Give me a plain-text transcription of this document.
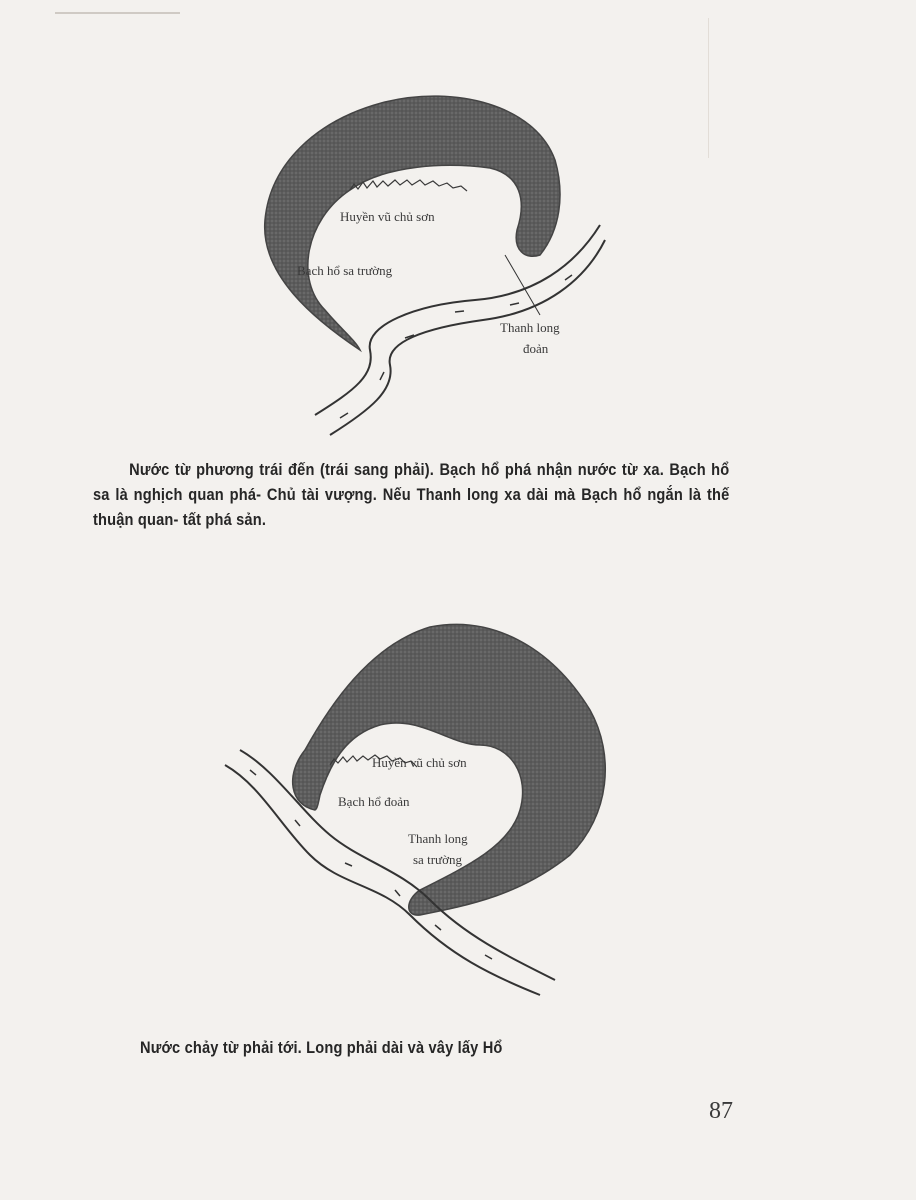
Huyền vũ chủ sơn
Bạch hổ sa trường
Thanh long
đoản
Nước từ phương trái đến (trái sang phải). Bạch hổ phá nhận nước từ xa. Bạch hổ sa là nghịch quan phá- Chủ tài vượng. Nếu Thanh long xa dài mà Bạch hổ ngắn là thế thuận quan- tất phá sản.
Huyền vũ chủ sơn
Bạch hổ đoản
Thanh long
sa trường
Nước chảy từ phải tới. Long phải dài và vây lấy Hổ
87
